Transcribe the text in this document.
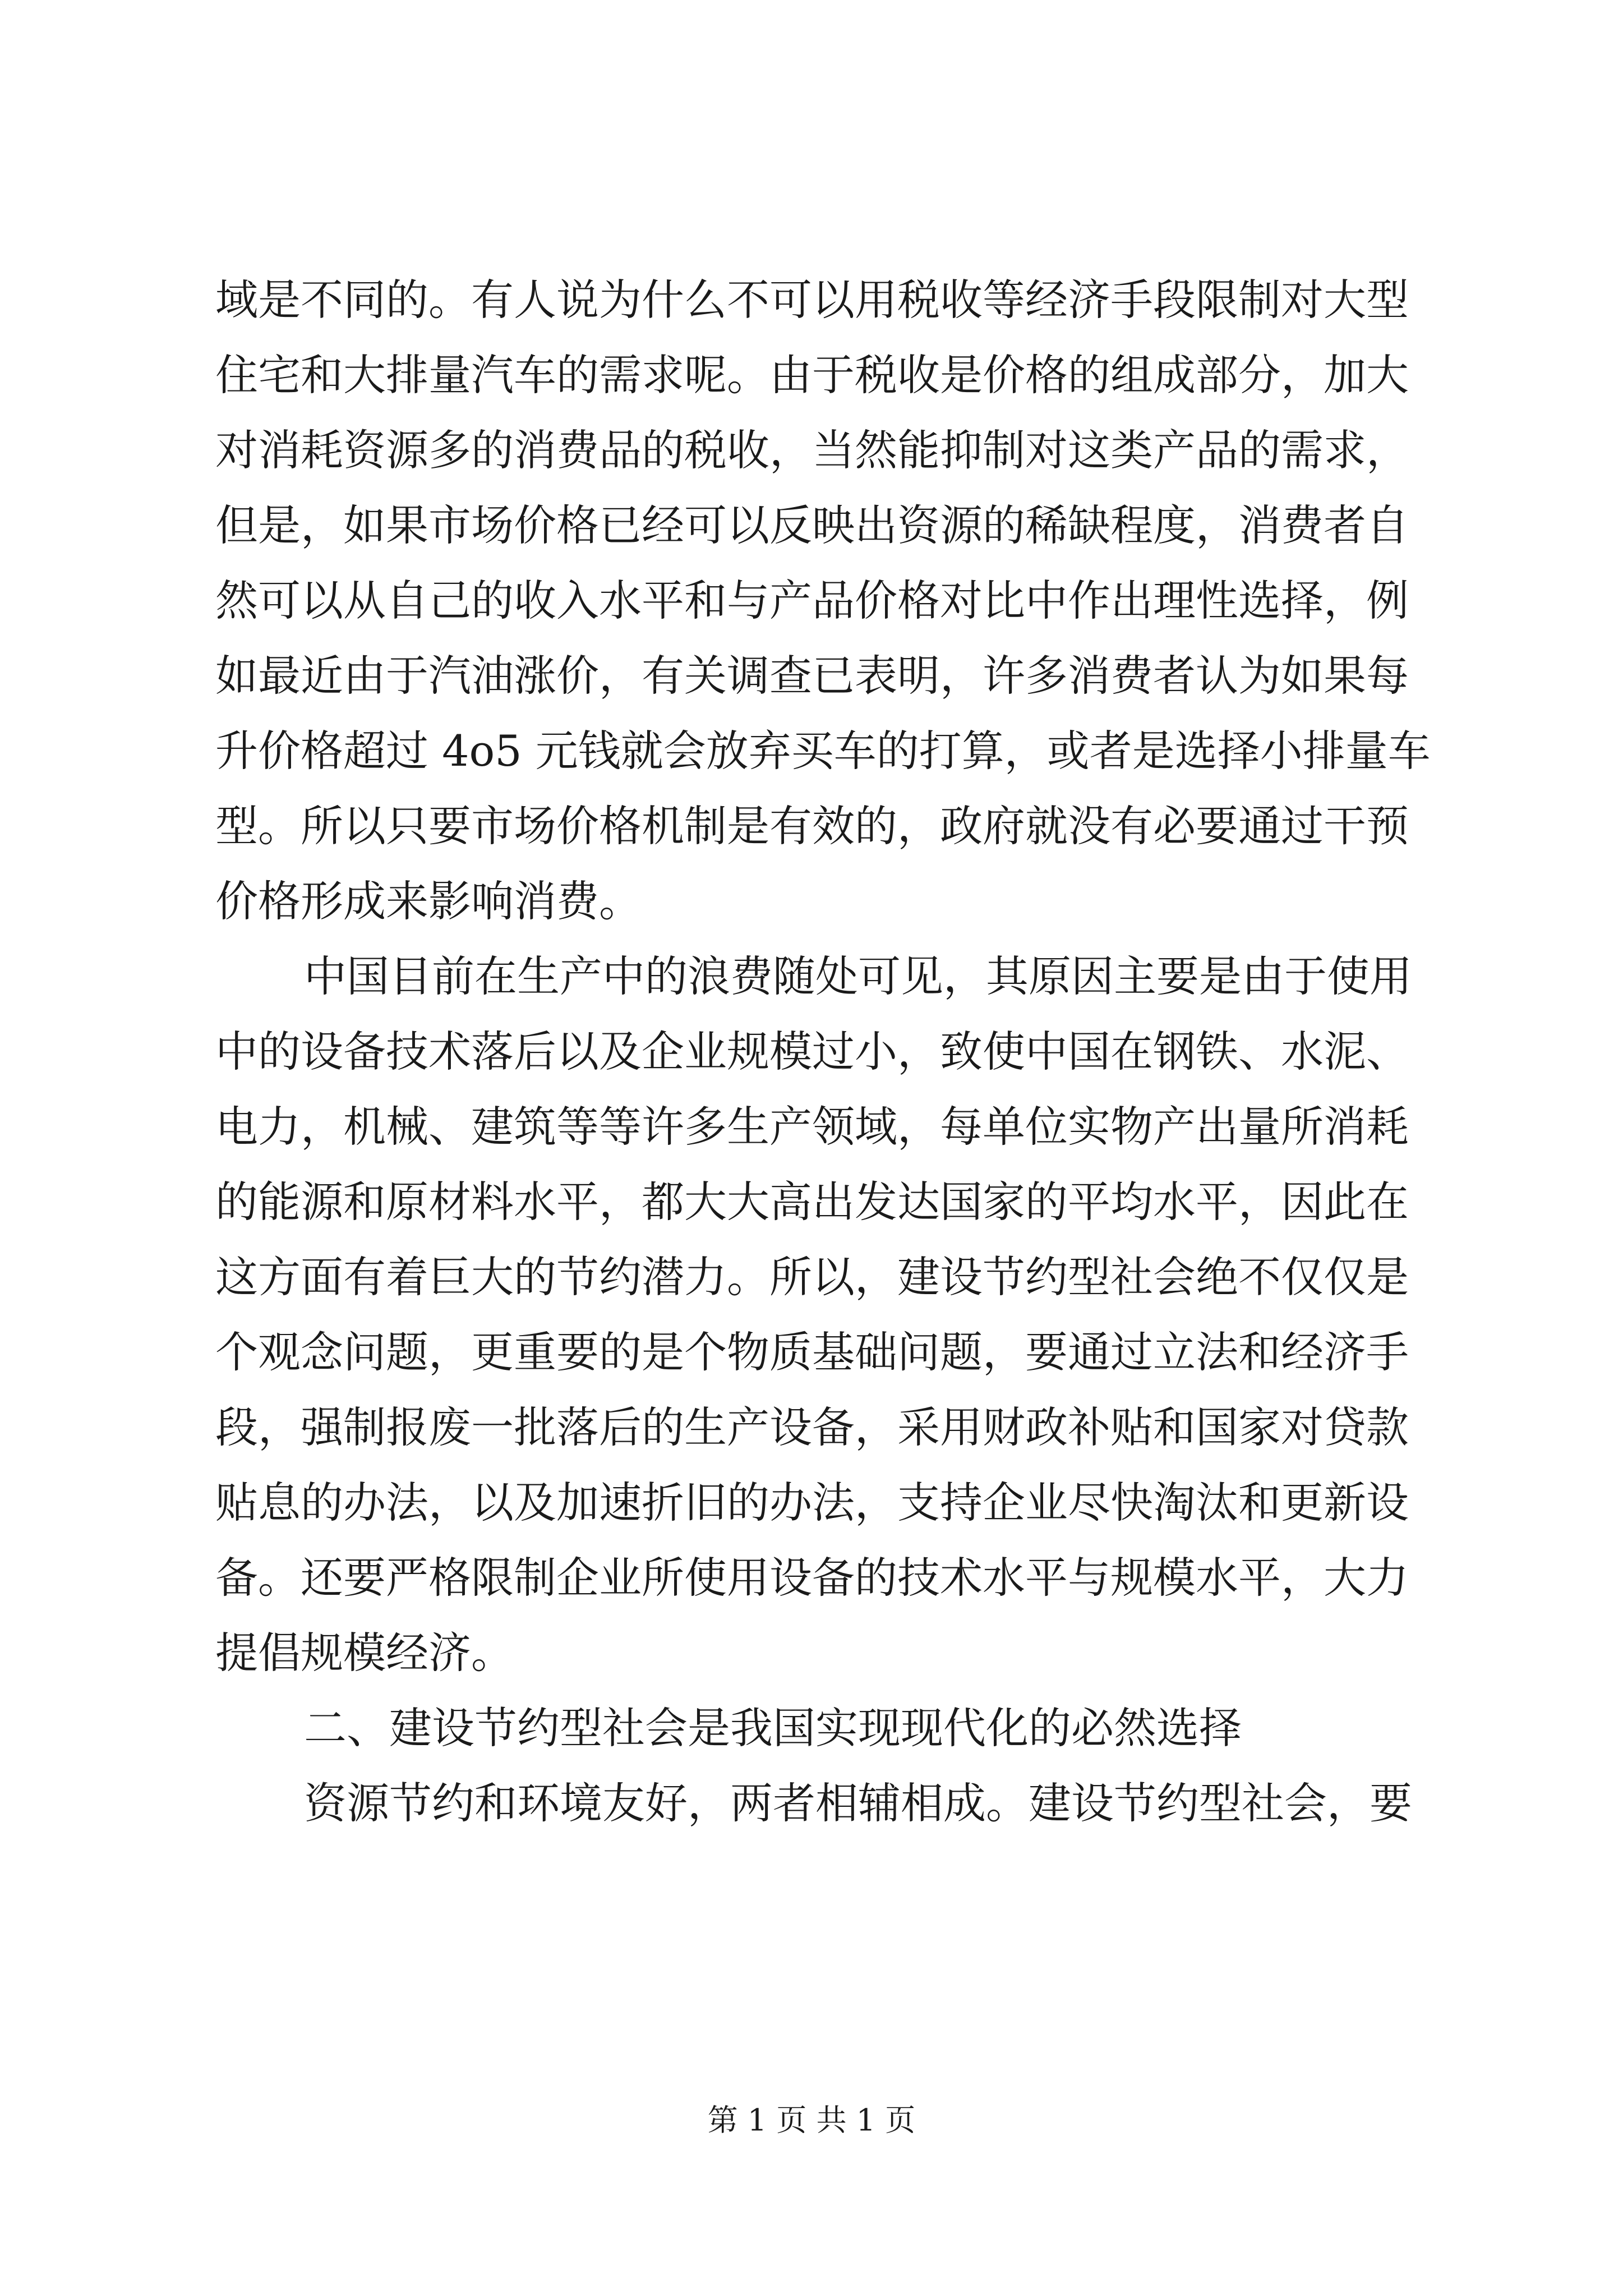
域是不同的。有人说为什么不可以用税收等经济手段限制对大型
住宅和大排量汽车的需求呢。由于税收是价格的组成部分，加大
对消耗资源多的消费品的税收，当然能抑制对这类产品的需求，
但是，如果市场价格已经可以反映出资源的稀缺程度，消费者自
然可以从自己的收入水平和与产品价格对比中作出理性选择，例
如最近由于汽油涨价，有关调查已表明，许多消费者认为如果每
升价格超过 4o5 元钱就会放弃买车的打算，或者是选择小排量车
型。所以只要市场价格机制是有效的，政府就没有必要通过干预
价格形成来影响消费。
中国目前在生产中的浪费随处可见，其原因主要是由于使用
中的设备技术落后以及企业规模过小，致使中国在钢铁、水泥、
电力，机械、建筑等等许多生产领域，每单位实物产出量所消耗
的能源和原材料水平，都大大高出发达国家的平均水平，因此在
这方面有着巨大的节约潜力。所以，建设节约型社会绝不仅仅是
个观念问题，更重要的是个物质基础问题，要通过立法和经济手
段，强制报废一批落后的生产设备，采用财政补贴和国家对贷款
贴息的办法，以及加速折旧的办法，支持企业尽快淘汰和更新设
备。还要严格限制企业所使用设备的技术水平与规模水平，大力
提倡规模经济。
二、建设节约型社会是我国实现现代化的必然选择
资源节约和环境友好，两者相辅相成。建设节约型社会，要
第 1 页 共 1 页
